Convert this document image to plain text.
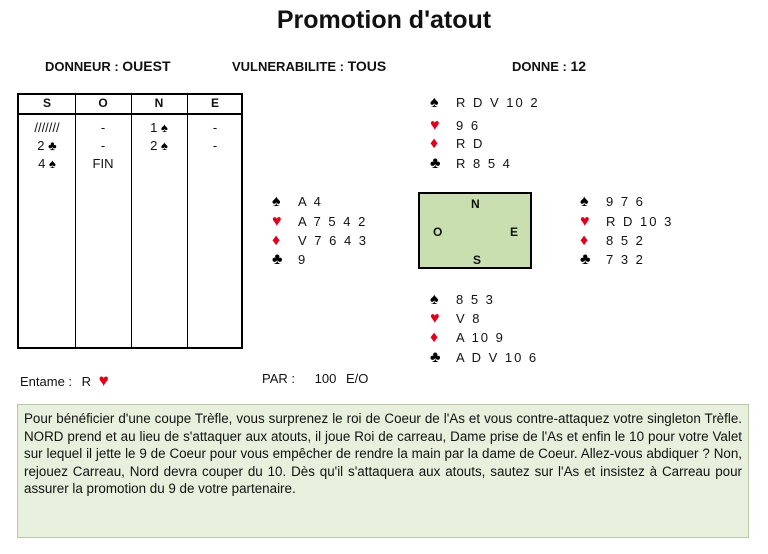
Promotion d'atout
DONNEUR : OUEST	VULNERABILITE : TOUS	DONNE : 12
S	O	N	E
///////	-	1 ♠	-
2 ♣	-	2 ♠	-
4 ♠	FIN
♠ R D V 10 2
♥ 9 6
♦ R D
♣ R 8 5 4
♠ A 4
♥ A 7 5 4 2
♦ V 7 6 4 3
♣ 9
N
O	E
S
♠ 9 7 6
♥ R D 10 3
♦ 8 5 2
♣ 7 3 2
♠ 8 5 3
♥ V 8
♦ A 10 9
♣ A D V 10 6
Entame : R ♥	PAR : 100 E/O
Pour bénéficier d'une coupe Trèfle, vous surprenez le roi de Coeur de l'As et vous contre-attaquez votre singleton Trèfle. NORD prend et au lieu de s'attaquer aux atouts, il joue Roi de carreau, Dame prise de l'As et enfin le 10 pour votre Valet sur lequel il jette le 9 de Coeur pour vous empêcher de rendre la main par la dame de Coeur. Allez-vous abdiquer ? Non, rejouez Carreau, Nord devra couper du 10. Dès qu'il s'attaquera aux atouts, sautez sur l'As et insistez à Carreau pour assurer la promotion du 9 de votre partenaire.
